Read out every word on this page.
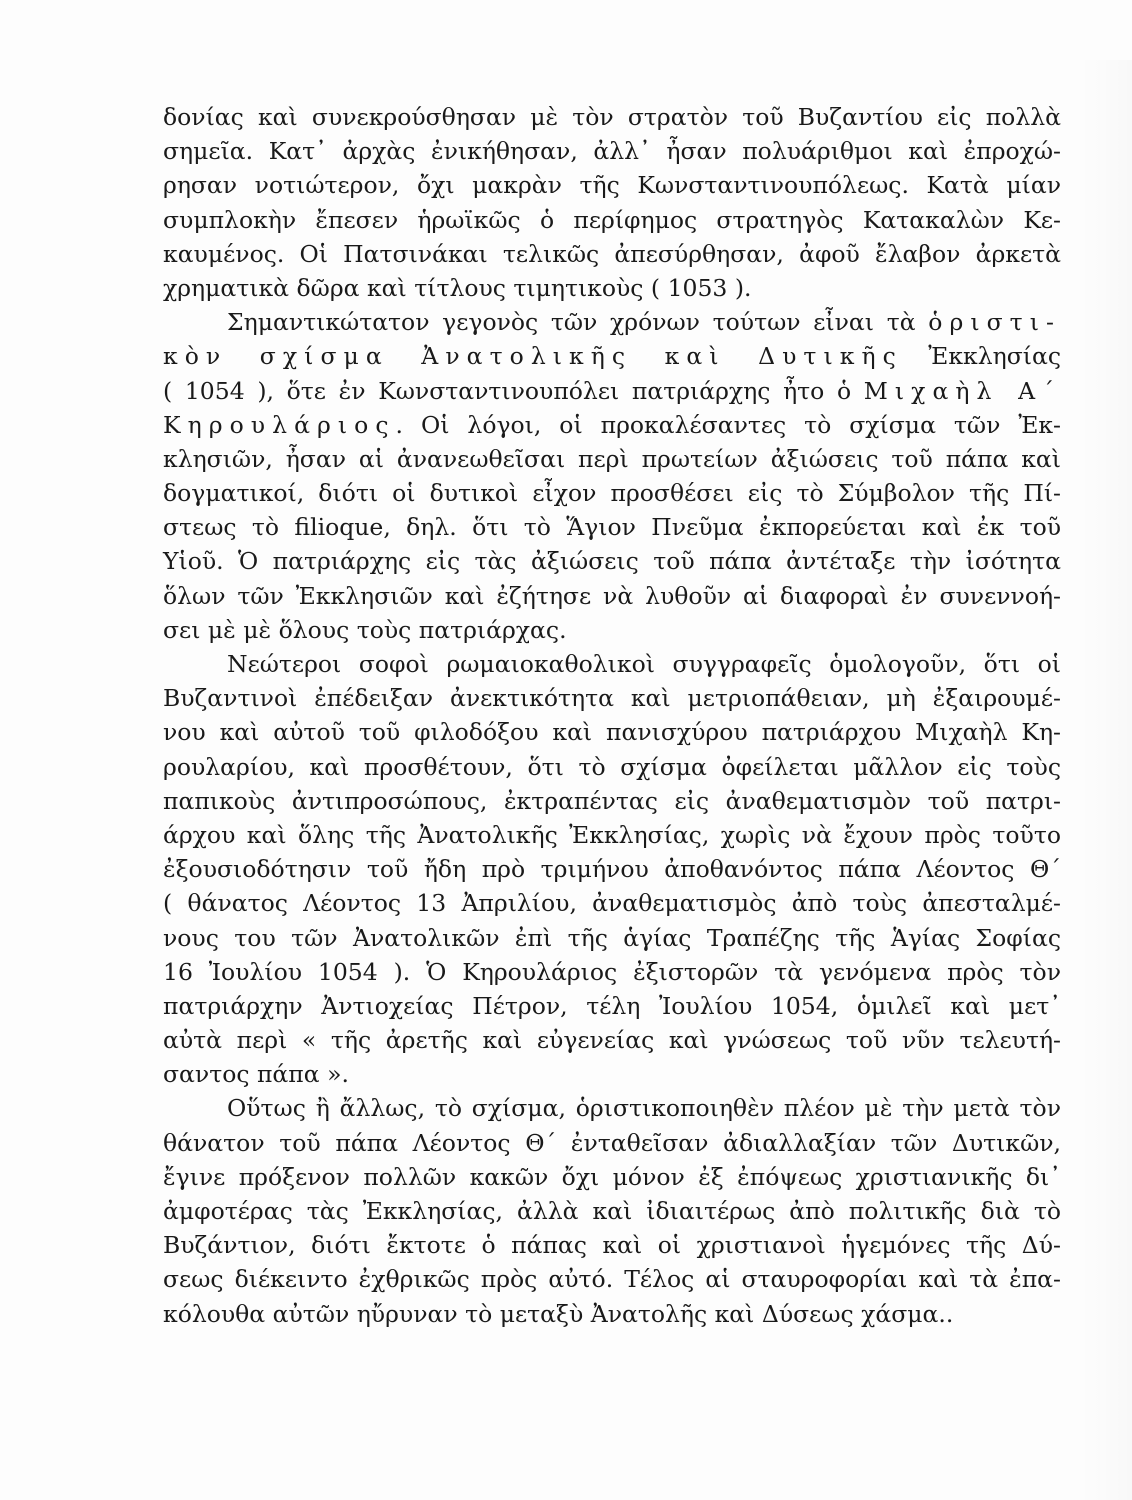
δονίας καὶ συνεκρούσθησαν μὲ τὸν στρατὸν τοῦ Βυζαντίου εἰς πολλὰ
σημεῖα. Κατ᾽ ἀρχὰς ἐνικήθησαν, ἀλλ᾽ ἦσαν πολυάριθμοι καὶ ἐπροχώ-
ρησαν νοτιώτερον, ὄχι μακρὰν τῆς Κωνσταντινουπόλεως. Κατὰ μίαν
συμπλοκὴν ἔπεσεν ἡρωϊκῶς ὁ περίφημος στρατηγὸς Κατακαλὼν Κε-
καυμένος. Οἱ Πατσινάκαι τελικῶς ἀπεσύρθησαν, ἀφοῦ ἔλαβον ἀρκετὰ
χρηματικὰ δῶρα καὶ τίτλους τιμητικοὺς ( 1053 ).
Σημαντικώτατον γεγονὸς τῶν χρόνων τούτων εἶναι τὰ ὁριστι-
κὸν σχίσμα Ἀνατολικῆς καὶ Δυτικῆς Ἐκκλησίας
( 1054 ), ὅτε ἐν Κωνσταντινουπόλει πατριάρχης ἦτο ὁ Μιχαὴλ Α΄
Κηρουλάριος. Οἱ λόγοι, οἱ προκαλέσαντες τὸ σχίσμα τῶν Ἐκ-
κλησιῶν, ἦσαν αἱ ἀνανεωθεῖσαι περὶ πρωτείων ἀξιώσεις τοῦ πάπα καὶ
δογματικοί, διότι οἱ δυτικοὶ εἶχον προσθέσει εἰς τὸ Σύμβολον τῆς Πί-
στεως τὸ filioque, δηλ. ὅτι τὸ Ἅγιον Πνεῦμα ἐκπορεύεται καὶ ἐκ τοῦ
Υἱοῦ. Ὁ πατριάρχης εἰς τὰς ἀξιώσεις τοῦ πάπα ἀντέταξε τὴν ἰσότητα
ὅλων τῶν Ἐκκλησιῶν καὶ ἐζήτησε νὰ λυθοῦν αἱ διαφοραὶ ἐν συνεννοή-
σει μὲ μὲ ὅλους τοὺς πατριάρχας.
Νεώτεροι σοφοὶ ρωμαιοκαθολικοὶ συγγραφεῖς ὁμολογοῦν, ὅτι οἱ
Βυζαντινοὶ ἐπέδειξαν ἀνεκτικότητα καὶ μετριοπάθειαν, μὴ ἐξαιρουμέ-
νου καὶ αὐτοῦ τοῦ φιλοδόξου καὶ πανισχύρου πατριάρχου Μιχαὴλ Κη-
ρουλαρίου, καὶ προσθέτουν, ὅτι τὸ σχίσμα ὀφείλεται μᾶλλον εἰς τοὺς
παπικοὺς ἀντιπροσώπους, ἐκτραπέντας εἰς ἀναθεματισμὸν τοῦ πατρι-
άρχου καὶ ὅλης τῆς Ἀνατολικῆς Ἐκκλησίας, χωρὶς νὰ ἔχουν πρὸς τοῦτο
ἐξουσιοδότησιν τοῦ ἤδη πρὸ τριμήνου ἀποθανόντος πάπα Λέοντος Θ΄
( θάνατος Λέοντος 13 Ἀπριλίου, ἀναθεματισμὸς ἀπὸ τοὺς ἀπεσταλμέ-
νους του τῶν Ἀνατολικῶν ἐπὶ τῆς ἁγίας Τραπέζης τῆς Ἁγίας Σοφίας
16 Ἰουλίου 1054 ). Ὁ Κηρουλάριος ἐξιστορῶν τὰ γενόμενα πρὸς τὸν
πατριάρχην Ἀντιοχείας Πέτρον, τέλη Ἰουλίου 1054, ὁμιλεῖ καὶ μετ᾽
αὐτὰ περὶ « τῆς ἀρετῆς καὶ εὐγενείας καὶ γνώσεως τοῦ νῦν τελευτή-
σαντος πάπα ».
Οὕτως ἢ ἄλλως, τὸ σχίσμα, ὁριστικοποιηθὲν πλέον μὲ τὴν μετὰ τὸν
θάνατον τοῦ πάπα Λέοντος Θ΄ ἐνταθεῖσαν ἀδιαλλαξίαν τῶν Δυτικῶν,
ἔγινε πρόξενον πολλῶν κακῶν ὄχι μόνον ἐξ ἐπόψεως χριστιανικῆς δι᾽
ἀμφοτέρας τὰς Ἐκκλησίας, ἀλλὰ καὶ ἰδιαιτέρως ἀπὸ πολιτικῆς διὰ τὸ
Βυζάντιον, διότι ἔκτοτε ὁ πάπας καὶ οἱ χριστιανοὶ ἡγεμόνες τῆς Δύ-
σεως διέκειντο ἐχθρικῶς πρὸς αὐτό. Τέλος αἱ σταυροφορίαι καὶ τὰ ἐπα-
κόλουθα αὐτῶν ηὔρυναν τὸ μεταξὺ Ἀνατολῆς καὶ Δύσεως χάσμα..
